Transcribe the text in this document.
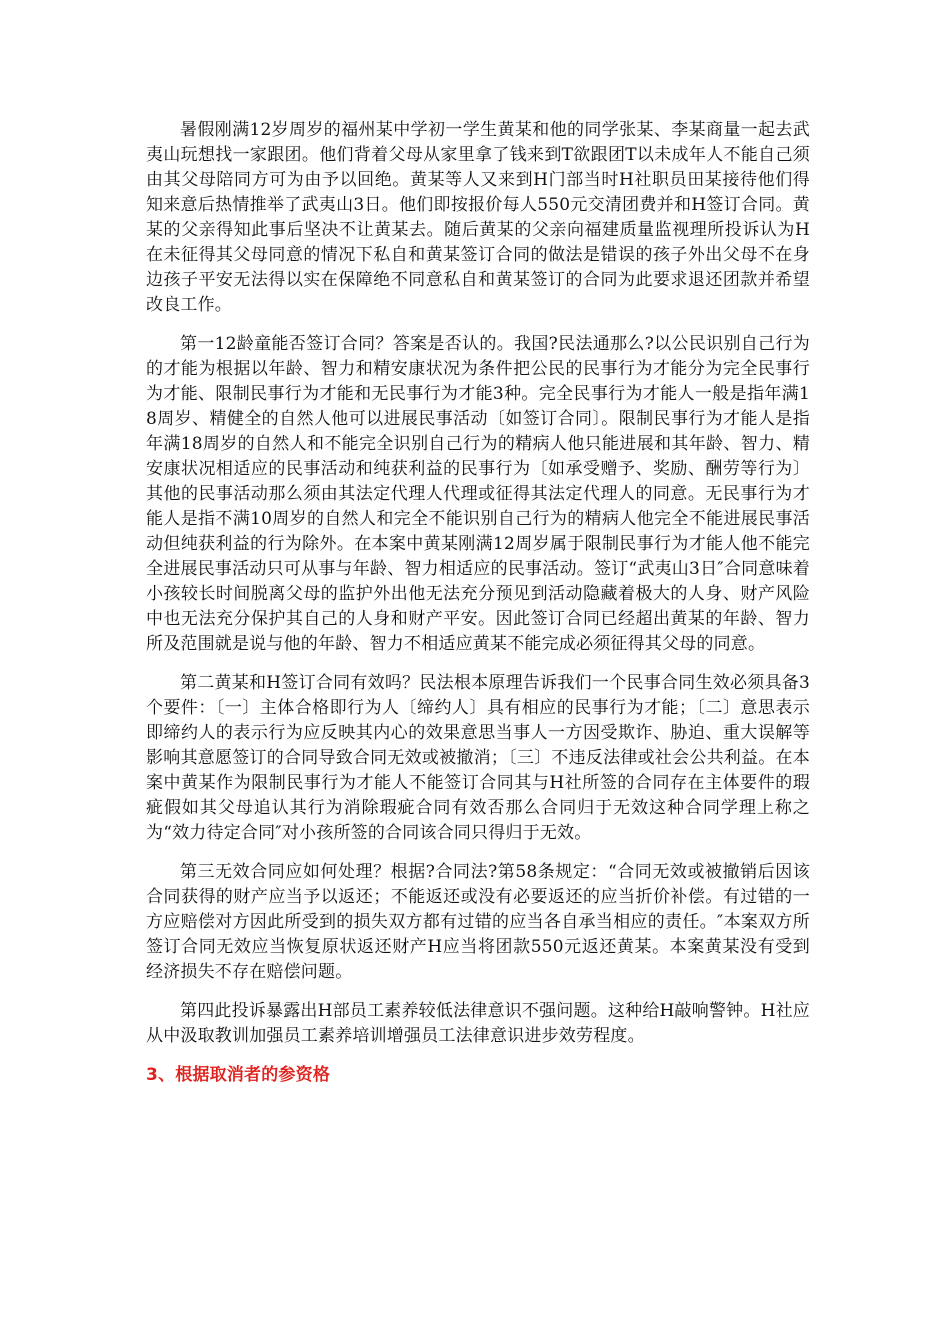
暑假刚满12岁周岁的福州某中学初一学生黄某和他的同学张某、李某商量一起去武夷山玩想找一家跟团。他们背着父母从家里拿了钱来到T欲跟团T以未成年人不能自己须由其父母陪同方可为由予以回绝。黄某等人又来到H门部当时H社职员田某接待他们得知来意后热情推举了武夷山3日。他们即按报价每人550元交清团费并和H签订合同。黄某的父亲得知此事后坚决不让黄某去。随后黄某的父亲向福建质量监视理所投诉认为H在未征得其父母同意的情况下私自和黄某签订合同的做法是错误的孩子外出父母不在身边孩子平安无法得以实在保障绝不同意私自和黄某签订的合同为此要求退还团款并希望改良工作。

第一12龄童能否签订合同？答案是否认的。我国?民法通那么?以公民识别自己行为的才能为根据以年龄、智力和精安康状况为条件把公民的民事行为才能分为完全民事行为才能、限制民事行为才能和无民事行为才能3种。完全民事行为才能人一般是指年满18周岁、精健全的自然人他可以进展民事活动〔如签订合同〕。限制民事行为才能人是指年满18周岁的自然人和不能完全识别自己行为的精病人他只能进展和其年龄、智力、精安康状况相适应的民事活动和纯获利益的民事行为〔如承受赠予、奖励、酬劳等行为〕其他的民事活动那么须由其法定代理人代理或征得其法定代理人的同意。无民事行为才能人是指不满10周岁的自然人和完全不能识别自己行为的精病人他完全不能进展民事活动但纯获利益的行为除外。在本案中黄某刚满12周岁属于限制民事行为才能人他不能完全进展民事活动只可从事与年龄、智力相适应的民事活动。签订“武夷山3日″合同意味着小孩较长时间脱离父母的监护外出他无法充分预见到活动隐藏着极大的人身、财产风险中也无法充分保护其自己的人身和财产平安。因此签订合同已经超出黄某的年龄、智力所及范围就是说与他的年龄、智力不相适应黄某不能完成必须征得其父母的同意。

第二黄某和H签订合同有效吗？民法根本原理告诉我们一个民事合同生效必须具备3个要件：〔一〕主体合格即行为人〔缔约人〕具有相应的民事行为才能；〔二〕意思表示即缔约人的表示行为应反映其内心的效果意思当事人一方因受欺诈、胁迫、重大误解等影响其意愿签订的合同导致合同无效或被撤消；〔三〕不违反法律或社会公共利益。在本案中黄某作为限制民事行为才能人不能签订合同其与H社所签的合同存在主体要件的瑕疵假如其父母追认其行为消除瑕疵合同有效否那么合同归于无效这种合同学理上称之为“效力待定合同″对小孩所签的合同该合同只得归于无效。

第三无效合同应如何处理？根据?合同法?第58条规定：“合同无效或被撤销后因该合同获得的财产应当予以返还；不能返还或没有必要返还的应当折价补偿。有过错的一方应赔偿对方因此所受到的损失双方都有过错的应当各自承当相应的责任。″本案双方所签订合同无效应当恢复原状返还财产H应当将团款550元返还黄某。本案黄某没有受到经济损失不存在赔偿问题。

第四此投诉暴露出H部员工素养较低法律意识不强问题。这种给H敲响警钟。H社应从中汲取教训加强员工素养培训增强员工法律意识进步效劳程度。

3、根据取消者的参资格
